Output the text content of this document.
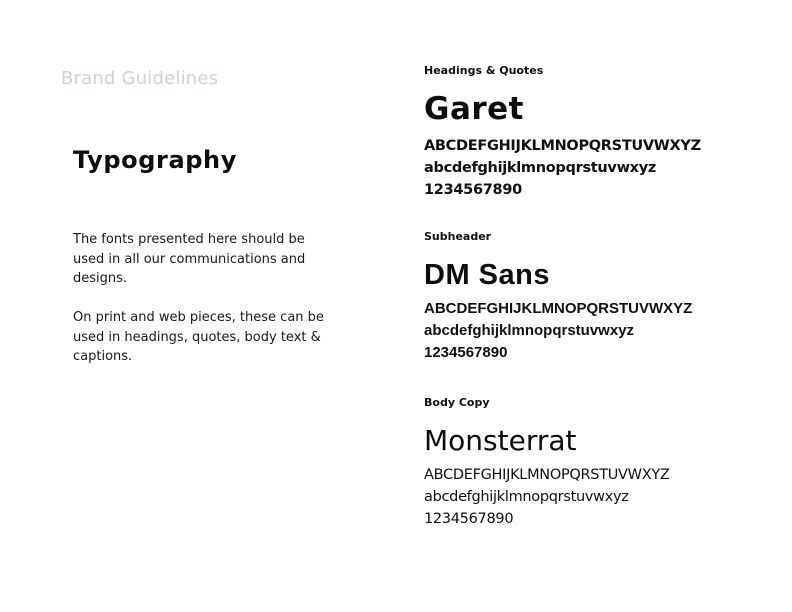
Brand Guidelines
Typography

The fonts presented here should be used in all our communications and designs.

On print and web pieces, these can be used in headings, quotes, body text & captions.

Headings & Quotes

Garet

ABCDEFGHIJKLMNOPQRSTUVWXYZ

abcdefghijklmnopqrstuvwxyz

1234567890

Subheader

DM Sans

ABCDEFGHIJKLMNOPQRSTUVWXYZ

abcdefghijklmnopqrstuvwxyz

1234567890

Body Copy

Monsterrat

ABCDEFGHIJKLMNOPQRSTUVWXYZ

abcdefghijklmnopqrstuvwxyz

1234567890
